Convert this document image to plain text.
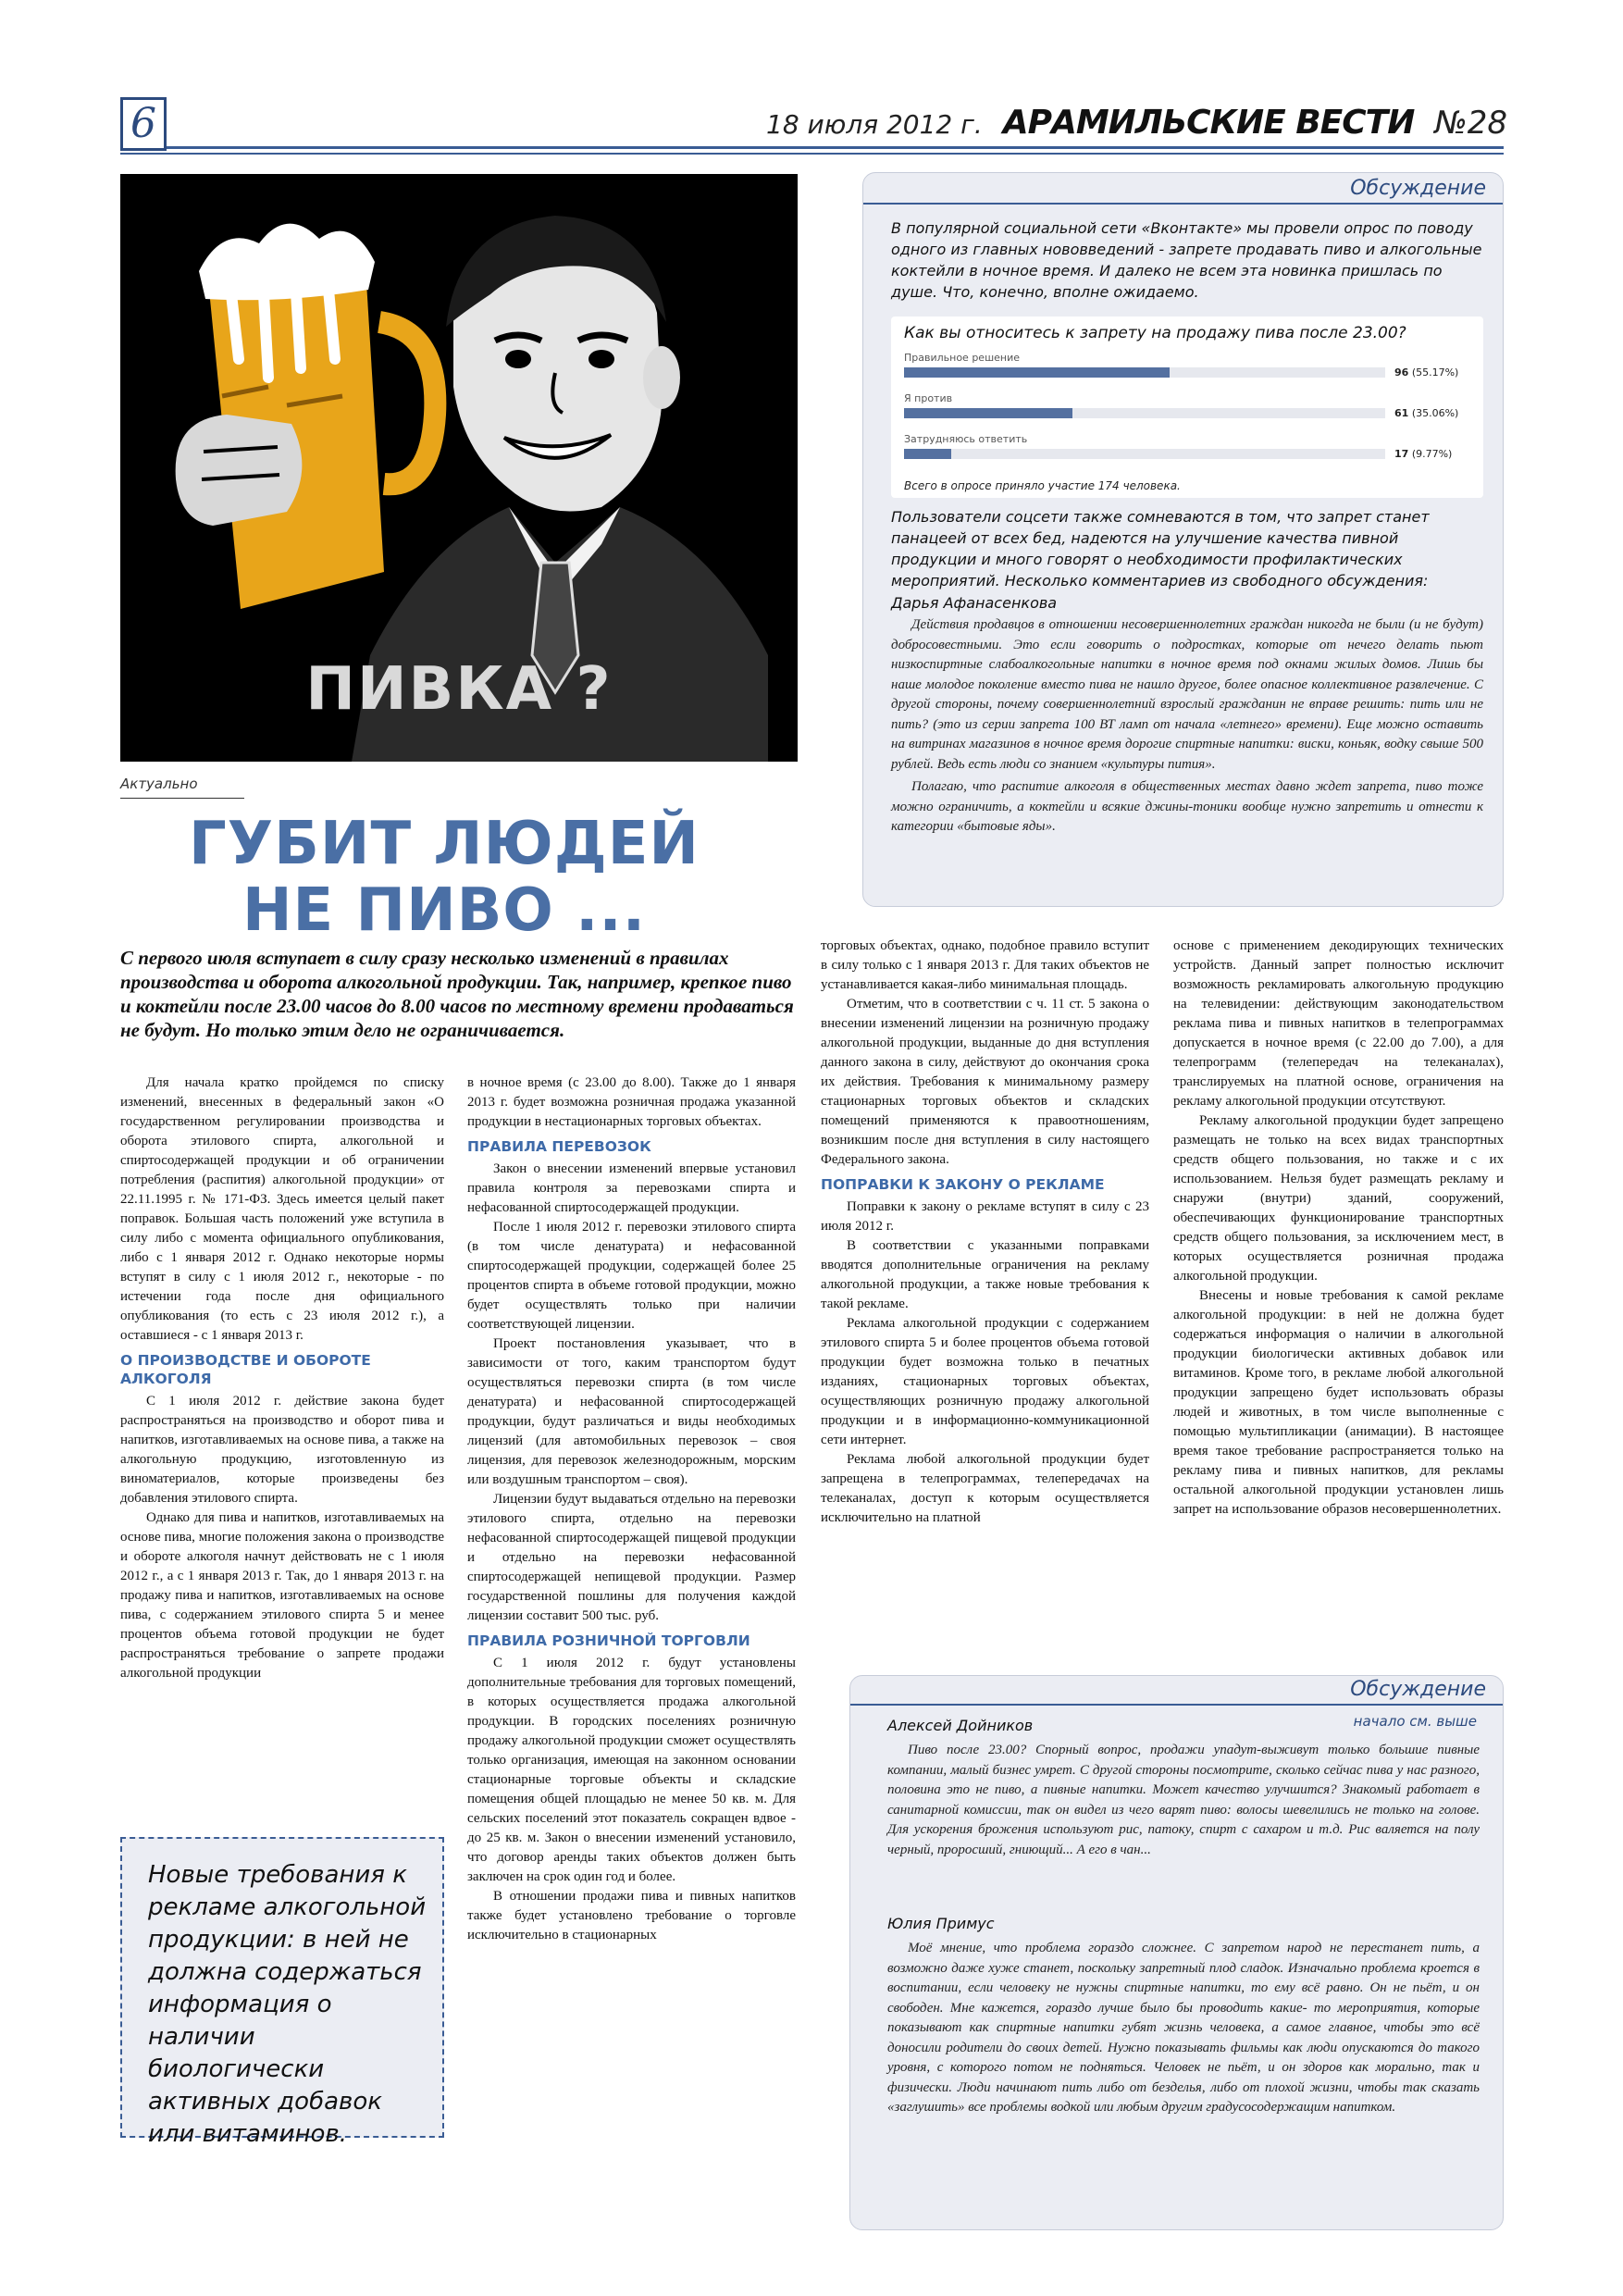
6	18 июля 2012 г. АРАМИЛЬСКИЕ ВЕСТИ №28
ПИВКА ?
Обсуждение
В популярной социальной сети «Вконтакте» мы провели опрос по поводу одного из главных нововведений - запрете продавать пиво и алкогольные коктейли в ночное время. И далеко не всем эта новинка пришлась по душе. Что, конечно, вполне ожидаемо.
Как вы относитесь к запрету на продажу пива после 23.00?
Правильное решение
96 (55.17%)
Я против
61 (35.06%)
Затрудняюсь ответить
17 (9.77%)
Всего в опросе приняло участие 174 человека.
Пользователи соцсети также сомневаются в том, что запрет станет панацеей от всех бед, надеются на улучшение качества пивной продукции и много говорят о необходимости профилактических мероприятий. Несколько комментариев из свободного обсуждения:
Дарья Афанасенкова

Действия продавцов в отношении несовершеннолетних граждан никогда не были (и не будут) добросовестными. Это если говорить о подростках, которые от нечего делать пьют низкоспиртные слабоалкогольные напитки в ночное время под окнами жилых домов. Лишь бы наше молодое поколение вместо пива не нашло другое, более опасное коллективное развлечение. С другой стороны, почему совершеннолетний взрослый гражданин не вправе решить: пить или не пить? (это из серии запрета 100 ВТ ламп от начала «летнего» времени). Еще можно оставить на витринах магазинов в ночное время дорогие спиртные напитки: виски, коньяк, водку свыше 500 рублей. Ведь есть люди со знанием «культуры пития».

Полагаю, что распитие алкоголя в общественных местах давно ждет запрета, пиво тоже можно ограничить, а коктейли и всякие джины-тоники вообще нужно запретить и отнести к категории «бытовые яды».

Актуально
ГУБИТ ЛЮДЕЙ
НЕ ПИВО ...
С первого июля вступает в силу сразу несколько изменений в правилах производства и оборота алкогольной продукции. Так, например, крепкое пиво и коктейли после 23.00 часов до 8.00 часов по местному времени продаваться не будут. Но только этим дело не ограничивается.

Для начала кратко пройдемся по списку изменений, внесенных в федеральный закон «О государственном регулировании производства и оборота этилового спирта, алкогольной и спиртосодержащей продукции и об ограничении потребления (распития) алкогольной продукции» от 22.11.1995 г. № 171-ФЗ. Здесь имеется целый пакет поправок. Большая часть положений уже вступила в силу либо с момента официального опубликования, либо с 1 января 2012 г. Однако некоторые нормы вступят в силу с 1 июля 2012 г., некоторые - по истечении года после дня официального опубликования (то есть с 23 июля 2012 г.), а оставшиеся - с 1 января 2013 г.

О ПРОИЗВОДСТВЕ И ОБОРОТЕ АЛКОГОЛЯ

С 1 июля 2012 г. действие закона будет распространяться на производство и оборот пива и напитков, изготавливаемых на основе пива, а также на алкогольную продукцию, изготовленную из виноматериалов, которые произведены без добавления этилового спирта.

Однако для пива и напитков, изготавливаемых на основе пива, многие положения закона о производстве и обороте алкоголя начнут действовать не с 1 июля 2012 г., а с 1 января 2013 г. Так, до 1 января 2013 г. на продажу пива и напитков, изготавливаемых на основе пива, с содержанием этилового спирта 5 и менее процентов объема готовой продукции не будет распространяться требование о запрете продажи алкогольной продукции

в ночное время (с 23.00 до 8.00). Также до 1 января 2013 г. будет возможна розничная продажа указанной продукции в нестационарных торговых объектах.

ПРАВИЛА ПЕРЕВОЗОК

Закон о внесении изменений впервые установил правила контроля за перевозками спирта и нефасованной спиртосодержащей продукции.

После 1 июля 2012 г. перевозки этилового спирта (в том числе денатурата) и нефасованной спиртосодержащей продукции, содержащей более 25 процентов спирта в объеме готовой продукции, можно будет осуществлять только при наличии соответствующей лицензии.

Проект постановления указывает, что в зависимости от того, каким транспортом будут осуществляться перевозки спирта (в том числе денатурата) и нефасованной спиртосодержащей продукции, будут различаться и виды необходимых лицензий (для автомобильных перевозок – своя лицензия, для перевозок железнодорожным, морским или воздушным транспортом – своя).

Лицензии будут выдаваться отдельно на перевозки этилового спирта, отдельно на перевозки нефасованной спиртосодержащей пищевой продукции и отдельно на перевозки нефасованной спиртосодержащей непищевой продукции. Размер государственной пошлины для получения каждой лицензии составит 500 тыс. руб.

ПРАВИЛА РОЗНИЧНОЙ ТОРГОВЛИ

С 1 июля 2012 г. будут установлены дополнительные требования для торговых помещений, в которых осуществляется продажа алкогольной продукции. В городских поселениях розничную продажу алкогольной продукции сможет осуществлять только организация, имеющая на законном основании стационарные торговые объекты и складские помещения общей площадью не менее 50 кв. м. Для сельских поселений этот показатель сокращен вдвое - до 25 кв. м. Закон о внесении изменений установило, что договор аренды таких объектов должен быть заключен на срок один год и более.

В отношении продажи пива и пивных напитков также будет установлено требование о торговле исключительно в стационарных

торговых объектах, однако, подобное правило вступит в силу только с 1 января 2013 г. Для таких объектов не устанавливается какая-либо минимальная площадь.

Отметим, что в соответствии с ч. 11 ст. 5 закона о внесении изменений лицензии на розничную продажу алкогольной продукции, выданные до дня вступления данного закона в силу, действуют до окончания срока их действия. Требования к минимальному размеру стационарных торговых объектов и складских помещений применяются к правоотношениям, возникшим после дня вступления в силу настоящего Федерального закона.

ПОПРАВКИ К ЗАКОНУ О РЕКЛАМЕ

Поправки к закону о рекламе вступят в силу с 23 июля 2012 г.

В соответствии с указанными поправками вводятся дополнительные ограничения на рекламу алкогольной продукции, а также новые требования к такой рекламе.

Реклама алкогольной продукции с содержанием этилового спирта 5 и более процентов объема готовой продукции будет возможна только в печатных изданиях, стационарных торговых объектах, осуществляющих розничную продажу алкогольной продукции и в информационно-коммуникационной сети интернет.

Реклама любой алкогольной продукции будет запрещена в телепрограммах, телепередачах на телеканалах, доступ к которым осуществляется исключительно на платной

основе с применением декодирующих технических устройств. Данный запрет полностью исключит возможность рекламировать алкогольную продукцию на телевидении: действующим законодательством реклама пива и пивных напитков в телепрограммах допускается в ночное время (с 22.00 до 7.00), а для телепрограмм (телепередач на телеканалах), транслируемых на платной основе, ограничения на рекламу алкогольной продукции отсутствуют.

Рекламу алкогольной продукции будет запрещено размещать не только на всех видах транспортных средств общего пользования, но также и с их использованием. Нельзя будет размещать рекламу и снаружи (внутри) зданий, сооружений, обеспечивающих функционирование транспортных средств общего пользования, за исключением мест, в которых осуществляется розничная продажа алкогольной продукции.

Внесены и новые требования к самой рекламе алкогольной продукции: в ней не должна будет содержаться информация о наличии в алкогольной продукции биологически активных добавок или витаминов. Кроме того, в рекламе любой алкогольной продукции запрещено будет использовать образы людей и животных, в том числе выполненные с помощью мультипликации (анимации). В настоящее время такое требование распространяется только на рекламу пива и пивных напитков, для рекламы остальной алкогольной продукции установлен лишь запрет на использование образов несовершеннолетних.

Новые требования к рекламе алкогольной продукции: в ней не должна содержаться информация о наличии биологически активных добавок или витаминов.

Обсуждение
начало см. выше
Алексей Дойников

Пиво после 23.00? Спорный вопрос, продажи упадут-выживут только большие пивные компании, малый бизнес умрет. С другой стороны посмотрите, сколько сейчас пива у нас разного, половина это не пиво, а пивные напитки. Может качество улучшится? Знакомый работает в санитарной комиссии, так он видел из чего варят пиво: волосы шевелились не только на голове. Для ускорения брожения используют рис, патоку, спирт с сахаром и т.д. Рис валяется на полу черный, проросший, гниющий... А его в чан...

Юлия Примус

Моё мнение, что проблема гораздо сложнее. С запретом народ не перестанет пить, а возможно даже хуже станет, поскольку запретный плод сладок. Изначально проблема кроется в воспитании, если человеку не нужны спиртные напитки, то ему всё равно. Он не пьёт, и он свободен. Мне кажется, гораздо лучше было бы проводить какие- то мероприятия, которые показывают как спиртные напитки губят жизнь человека, а самое главное, чтобы это всё доносили родители до своих детей. Нужно показывать фильмы как люди опускаются до такого уровня, с которого потом не подняться. Человек не пьёт, и он здоров как морально, так и физически. Люди начинают пить либо от безделья, либо от плохой жизни, чтобы так сказать «заглушить» все проблемы водкой или любым другим градусосодержащим напитком.
